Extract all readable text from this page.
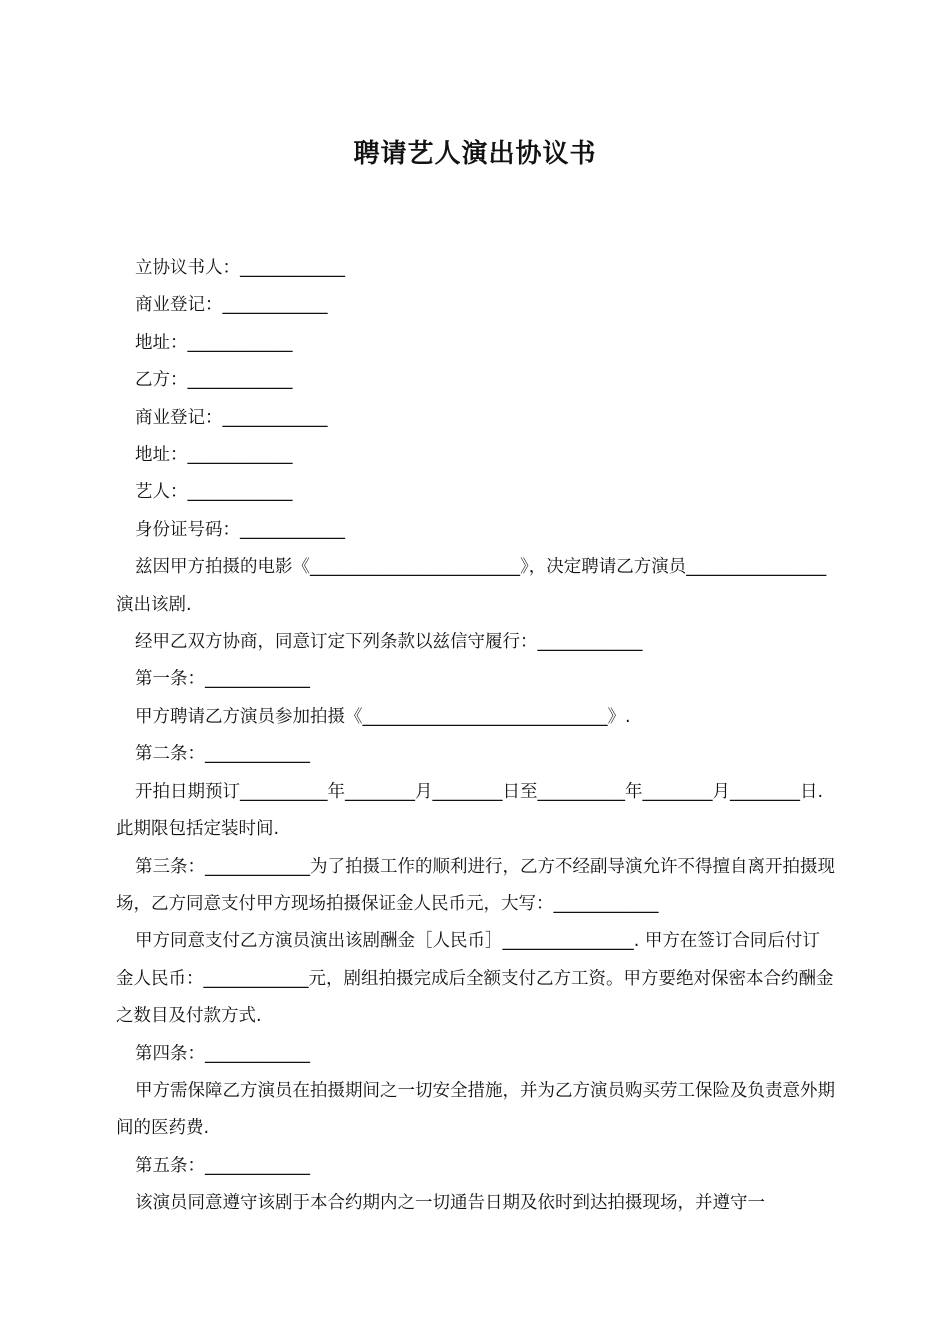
聘请艺人演出协议书

立协议书人：____________

商业登记：____________

地址：____________

乙方：____________

商业登记：____________

地址：____________

艺人：____________

身份证号码：____________

兹因甲方拍摄的电影《________________________》，决定聘请乙方演员________________演出该剧.

经甲乙双方协商，同意订定下列条款以兹信守履行：____________

第一条：____________

甲方聘请乙方演员参加拍摄《____________________________》.

第二条：____________

开拍日期预订__________年________月________日至__________年________月________日. 此期限包括定装时间.

第三条：____________为了拍摄工作的顺利进行，乙方不经副导演允许不得擅自离开拍摄现场，乙方同意支付甲方现场拍摄保证金人民币元，大写：____________

甲方同意支付乙方演员演出该剧酬金［人民币］_______________. 甲方在签订合同后付订金人民币：____________元，剧组拍摄完成后全额支付乙方工资。甲方要绝对保密本合约酬金之数目及付款方式.

第四条：____________

甲方需保障乙方演员在拍摄期间之一切安全措施，并为乙方演员购买劳工保险及负责意外期间的医药费.

第五条：____________

该演员同意遵守该剧于本合约期内之一切通告日期及依时到达拍摄现场，并遵守一
